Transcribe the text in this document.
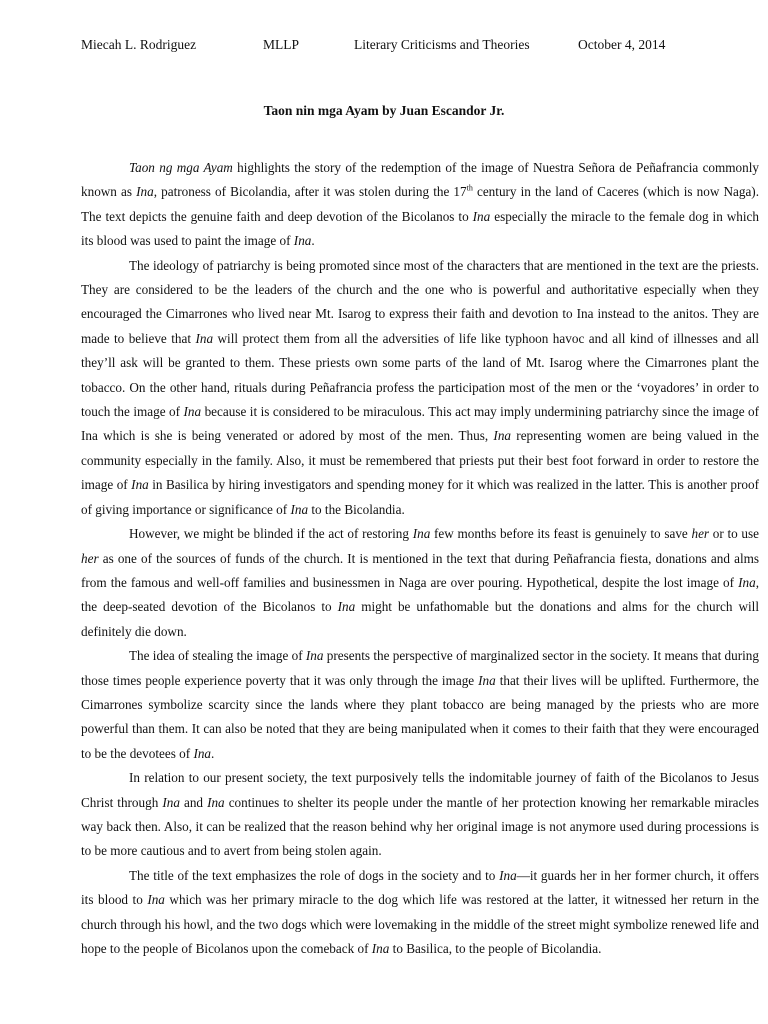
Miecah L. Rodriguez	MLLP	Literary Criticisms and Theories	October 4, 2014
Taon nin mga Ayam by Juan Escandor Jr.

Taon ng mga Ayam highlights the story of the redemption of the image of Nuestra Señora de Peñafrancia commonly known as Ina, patroness of Bicolandia, after it was stolen during the 17th century in the land of Caceres (which is now Naga). The text depicts the genuine faith and deep devotion of the Bicolanos to Ina especially the miracle to the female dog in which its blood was used to paint the image of Ina.

The ideology of patriarchy is being promoted since most of the characters that are mentioned in the text are the priests. They are considered to be the leaders of the church and the one who is powerful and authoritative especially when they encouraged the Cimarrones who lived near Mt. Isarog to express their faith and devotion to Ina instead to the anitos. They are made to believe that Ina will protect them from all the adversities of life like typhoon havoc and all kind of illnesses and all they’ll ask will be granted to them. These priests own some parts of the land of Mt. Isarog where the Cimarrones plant the tobacco. On the other hand, rituals during Peñafrancia profess the participation most of the men or the ‘voyadores’ in order to touch the image of Ina because it is considered to be miraculous. This act may imply undermining patriarchy since the image of Ina which is she is being venerated or adored by most of the men. Thus, Ina representing women are being valued in the community especially in the family. Also, it must be remembered that priests put their best foot forward in order to restore the image of Ina in Basilica by hiring investigators and spending money for it which was realized in the latter. This is another proof of giving importance or significance of Ina to the Bicolandia.

However, we might be blinded if the act of restoring Ina few months before its feast is genuinely to save her or to use her as one of the sources of funds of the church. It is mentioned in the text that during Peñafrancia fiesta, donations and alms from the famous and well-off families and businessmen in Naga are over pouring. Hypothetical, despite the lost image of Ina, the deep-seated devotion of the Bicolanos to Ina might be unfathomable but the donations and alms for the church will definitely die down.

The idea of stealing the image of Ina presents the perspective of marginalized sector in the society. It means that during those times people experience poverty that it was only through the image Ina that their lives will be uplifted. Furthermore, the Cimarrones symbolize scarcity since the lands where they plant tobacco are being managed by the priests who are more powerful than them. It can also be noted that they are being manipulated when it comes to their faith that they were encouraged to be the devotees of Ina.

In relation to our present society, the text purposively tells the indomitable journey of faith of the Bicolanos to Jesus Christ through Ina and Ina continues to shelter its people under the mantle of her protection knowing her remarkable miracles way back then. Also, it can be realized that the reason behind why her original image is not anymore used during processions is to be more cautious and to avert from being stolen again.

The title of the text emphasizes the role of dogs in the society and to Ina—it guards her in her former church, it offers its blood to Ina which was her primary miracle to the dog which life was restored at the latter, it witnessed her return in the church through his howl, and the two dogs which were lovemaking in the middle of the street might symbolize renewed life and hope to the people of Bicolanos upon the comeback of Ina to Basilica, to the people of Bicolandia.
